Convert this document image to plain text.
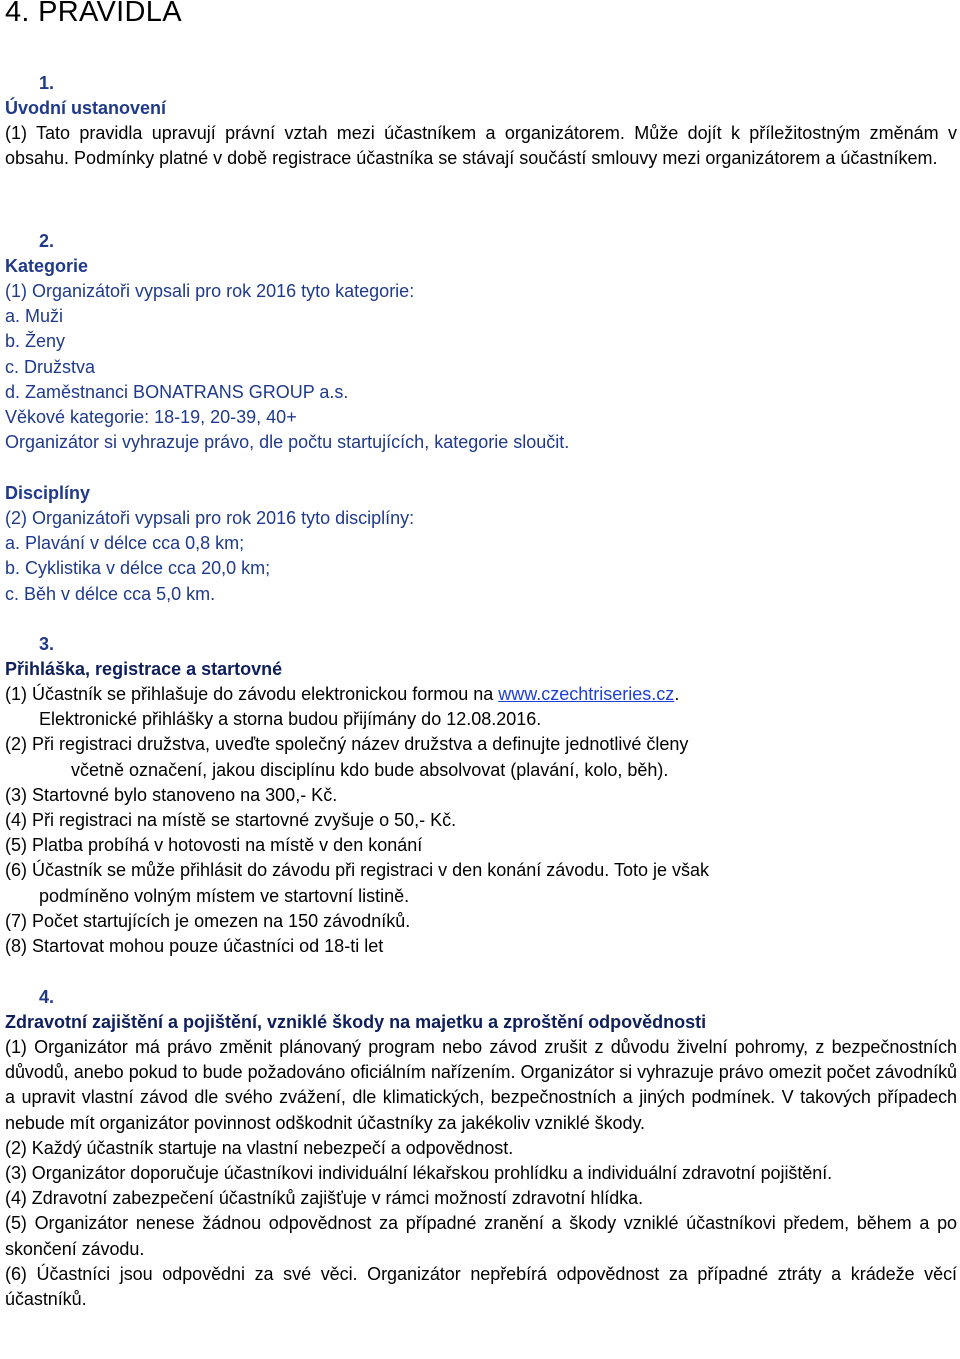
4. PRAVIDLA

1.

Úvodní ustanovení

(1) Tato pravidla upravují právní vztah mezi účastníkem a organizátorem. Může dojít k příležitostným změnám v obsahu. Podmínky platné v době registrace účastníka se stávají součástí smlouvy mezi organizátorem a účastníkem.

2.

Kategorie

(1) Organizátoři vypsali pro rok 2016 tyto kategorie:

a. Muži

b. Ženy

c. Družstva

d. Zaměstnanci BONATRANS GROUP a.s.

Věkové kategorie: 18-19, 20-39, 40+

Organizátor si vyhrazuje právo, dle počtu startujících, kategorie sloučit.

Disciplíny

(2) Organizátoři vypsali pro rok 2016 tyto disciplíny:

a. Plavání v délce cca 0,8 km;

b. Cyklistika v délce cca 20,0 km;

c. Běh v délce cca 5,0 km.

3.

Přihláška, registrace a startovné

(1) Účastník se přihlašuje do závodu elektronickou formou na www.czechtriseries.cz.

Elektronické přihlášky a storna budou přijímány do 12.08.2016.

(2) Při registraci družstva, uveďte společný název družstva a definujte jednotlivé členy

včetně označení, jakou disciplínu kdo bude absolvovat (plavání, kolo, běh).

(3) Startovné bylo stanoveno na 300,- Kč.

(4) Při registraci na místě se startovné zvyšuje o 50,- Kč.

(5) Platba probíhá v hotovosti na místě v den konání

(6) Účastník se může přihlásit do závodu při registraci v den konání závodu. Toto je však

podmíněno volným místem ve startovní listině.

(7) Počet startujících je omezen na 150 závodníků.

(8) Startovat mohou pouze účastníci od 18-ti let

4.

Zdravotní zajištění a pojištění, vzniklé škody na majetku a zproštění odpovědnosti

(1) Organizátor má právo změnit plánovaný program nebo závod zrušit z důvodu živelní pohromy, z bezpečnostních důvodů, anebo pokud to bude požadováno oficiálním nařízením. Organizátor si vyhrazuje právo omezit počet závodníků a upravit vlastní závod dle svého zvážení, dle klimatických, bezpečnostních a jiných podmínek. V takových případech nebude mít organizátor povinnost odškodnit účastníky za jakékoliv vzniklé škody.

(2) Každý účastník startuje na vlastní nebezpečí a odpovědnost.

(3) Organizátor doporučuje účastníkovi individuální lékařskou prohlídku a individuální zdravotní pojištění.

(4) Zdravotní zabezpečení účastníků zajišťuje v rámci možností zdravotní hlídka.

(5) Organizátor nenese žádnou odpovědnost za případné zranění a škody vzniklé účastníkovi předem, během a po skončení závodu.

(6) Účastníci jsou odpovědni za své věci. Organizátor nepřebírá odpovědnost za případné ztráty a krádeže věcí účastníků.
